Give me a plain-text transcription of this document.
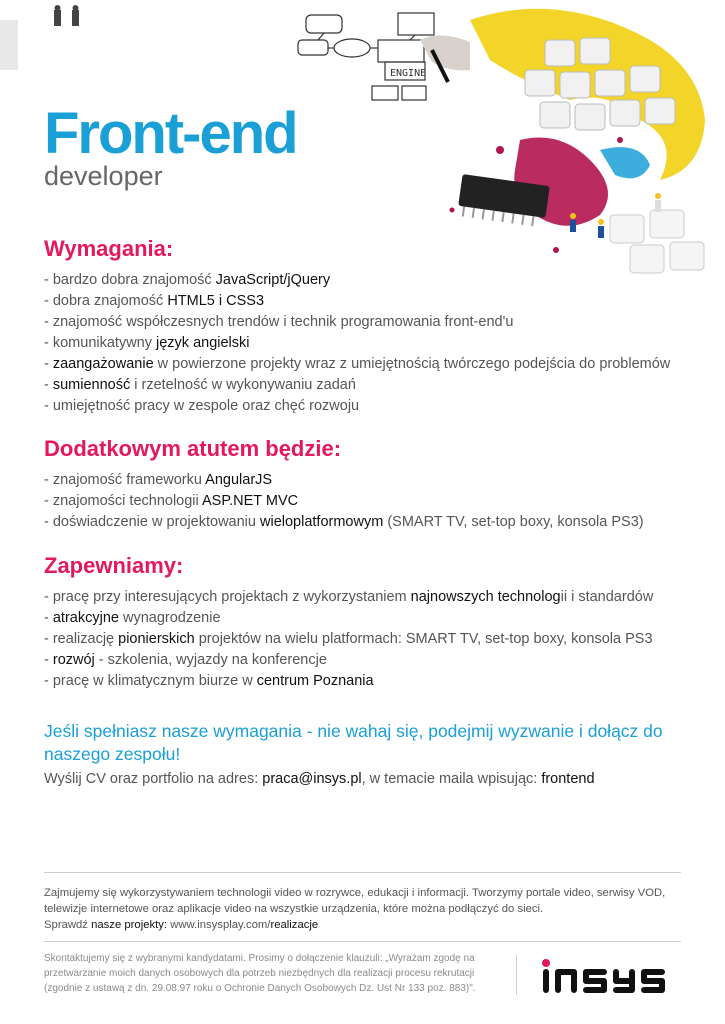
ENGINE
Front-end
developer
Wymagania:
- bardzo dobra znajomość JavaScript/jQuery
- dobra znajomość HTML5 i CSS3
- znajomość współczesnych trendów i technik programowania front-end'u
- komunikatywny język angielski
- zaangażowanie w powierzone projekty wraz z umiejętnością twórczego podejścia do problemów
- sumienność i rzetelność w wykonywaniu zadań
- umiejętność pracy w zespole oraz chęć rozwoju
Dodatkowym atutem będzie:
- znajomość frameworku AngularJS
- znajomości technologii ASP.NET MVC
- doświadczenie w projektowaniu wieloplatformowym (SMART TV, set-top boxy, konsola PS3)
Zapewniamy:
- pracę przy interesujących projektach z wykorzystaniem najnowszych technologii i standardów
- atrakcyjne wynagrodzenie
- realizację pionierskich projektów na wielu platformach: SMART TV, set-top boxy, konsola PS3
- rozwój - szkolenia, wyjazdy na konferencje
- pracę w klimatycznym biurze w centrum Poznania
Jeśli spełniasz nasze wymagania - nie wahaj się, podejmij wyzwanie i dołącz do naszego zespołu!
Wyślij CV oraz portfolio na adres: praca@insys.pl, w temacie maila wpisując: frontend
Zajmujemy się wykorzystywaniem technologii video w rozrywce, edukacji i informacji. Tworzymy portale video, serwisy VOD, telewizje internetowe oraz aplikacje video na wszystkie urządzenia, które można podłączyć do sieci.
Sprawdź nasze projekty: www.insysplay.com/realizacje
Skontaktujemy się z wybranymi kandydatami. Prosimy o dołączenie klauzuli: „Wyrażam zgodę na przetwarzanie moich danych osobowych dla potrzeb niezbędnych dla realizacji procesu rekrutacji (zgodnie z ustawą z dn. 29.08.97 roku o Ochronie Danych Osobowych Dz. Ust Nr 133 poz. 883)".
